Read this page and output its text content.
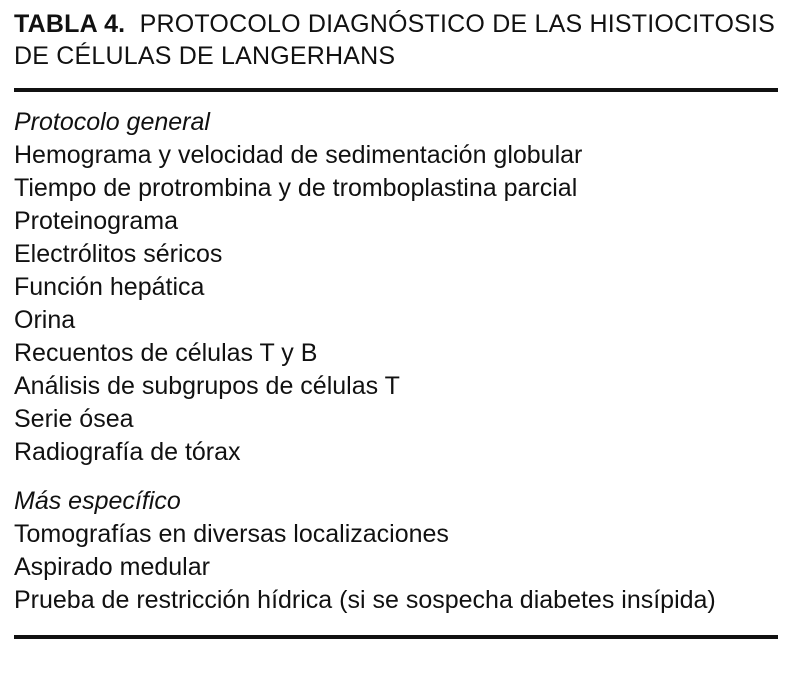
TABLA 4. PROTOCOLO DIAGNÓSTICO DE LAS HISTIOCITOSIS DE CÉLULAS DE LANGERHANS

Protocolo general
Hemograma y velocidad de sedimentación globular
Tiempo de protrombina y de tromboplastina parcial
Proteinograma
Electrólitos séricos
Función hepática
Orina
Recuentos de células T y B
Análisis de subgrupos de células T
Serie ósea
Radiografía de tórax
Más específico
Tomografías en diversas localizaciones
Aspirado medular
Prueba de restricción hídrica (si se sospecha diabetes insípida)
